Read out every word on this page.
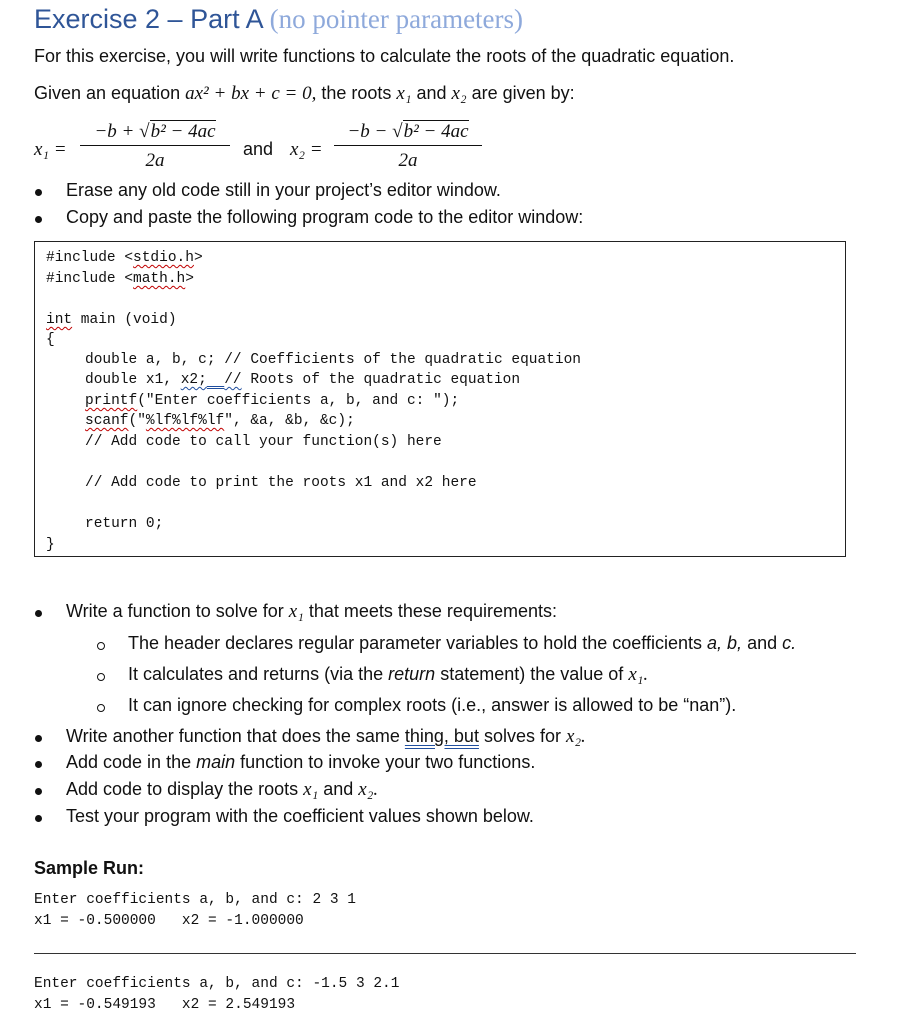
Exercise 2 – Part A (no pointer parameters)
For this exercise, you will write functions to calculate the roots of the quadratic equation.
Given an equation ax² + bx + c = 0, the roots x₁ and x₂ are given by:
$x_1 = \frac{\text{−b + √b² − 4ac}}{2a}$ and $x_2 = \frac{\text{−b − √b² − 4ac}}{2a}$
Erase any old code still in your project’s editor window.
Copy and paste the following program code to the editor window:
#include <stdio.h>
#include <math.h>
int main (void)
{
double a, b, c; // Coefficients of the quadratic equation
double x1, x2; // Roots of the quadratic equation
printf("Enter coefficients a, b, and c: ");
scanf("%lf%lf%lf", &a, &b, &c);
// Add code to call your function(s) here
// Add code to print the roots x1 and x2 here
return 0;
}
Write a function to solve for x₁ that meets these requirements:
The header declares regular parameter variables to hold the coefficients a, b, and c.
It calculates and returns (via the return statement) the value of x₁.
It can ignore checking for complex roots (i.e., answer is allowed to be “nan”).
Write another function that does the same thing, but solves for x₂.
Add code in the main function to invoke your two functions.
Add code to display the roots x₁ and x₂.
Test your program with the coefficient values shown below.
Sample Run:
Enter coefficients a, b, and c: 2 3 1
x1 = -0.500000   x2 = -1.000000
Enter coefficients a, b, and c: -1.5 3 2.1
x1 = -0.549193   x2 = 2.549193
